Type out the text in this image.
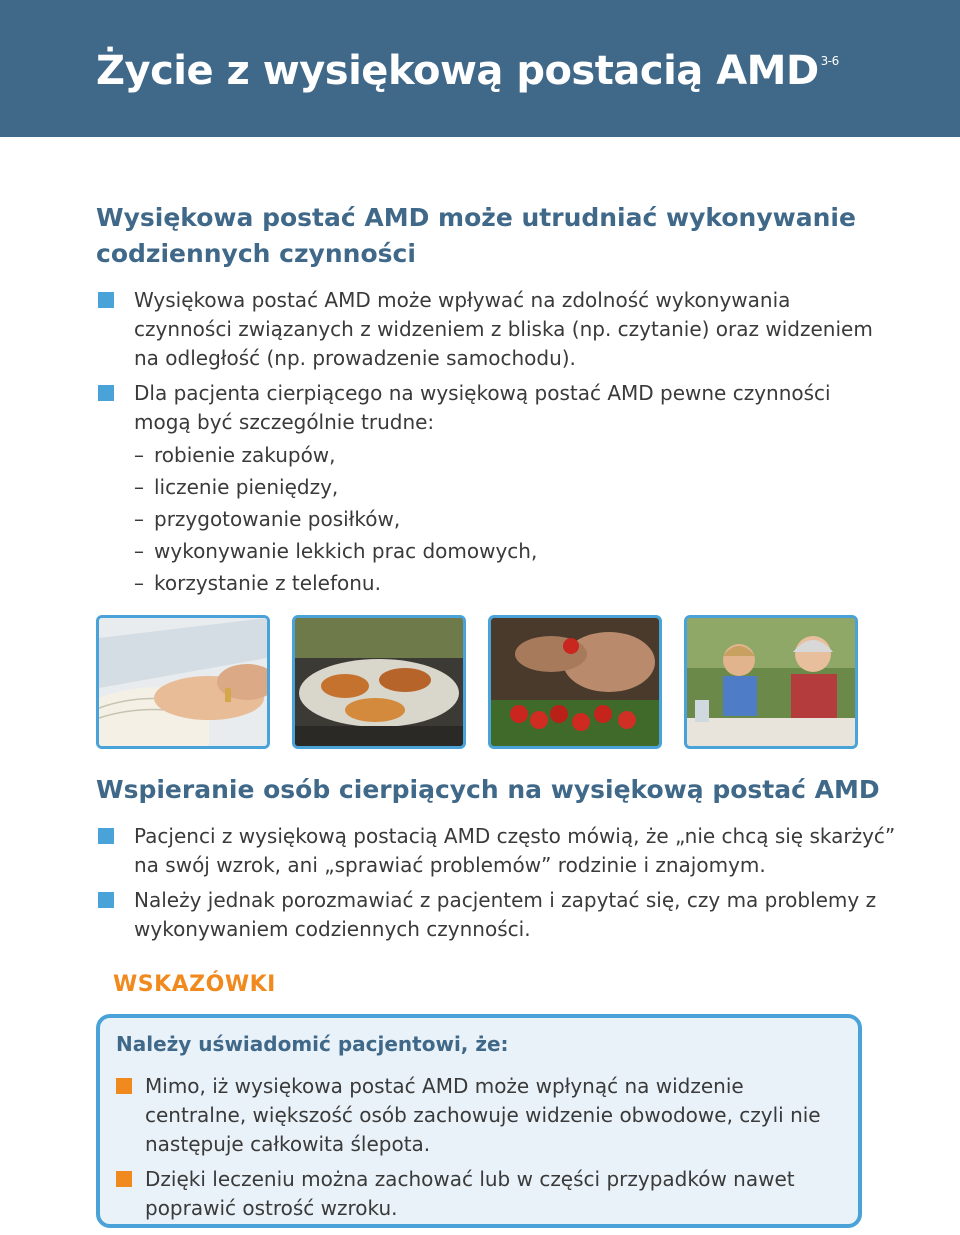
Życie z wysiękową postacią AMD $^{3-6}$
Wysiękowa postać AMD może utrudniać wykonywanie codziennych czynności
Wysiękowa postać AMD może wpływać na zdolność wykonywania czynności związanych z widzeniem z bliska (np. czytanie) oraz widzeniem na odległość (np. prowadzenie samochodu).
Dla pacjenta cierpiącego na wysiękową postać AMD pewne czynności mogą być szczególnie trudne:
– robienie zakupów,
– liczenie pieniędzy,
– przygotowanie posiłków,
– wykonywanie lekkich prac domowych,
– korzystanie z telefonu.
Wspieranie osób cierpiących na wysiękową postać AMD
Pacjenci z wysiękową postacią AMD często mówią, że „nie chcą się skarżyć” na swój wzrok, ani „sprawiać problemów” rodzinie i znajomym.
Należy jednak porozmawiać z pacjentem i zapytać się, czy ma problemy z wykonywaniem codziennych czynności.
WSKAZÓWKI
Należy uświadomić pacjentowi, że:
Mimo, iż wysiękowa postać AMD może wpłynąć na widzenie centralne, większość osób zachowuje widzenie obwodowe, czyli nie następuje całkowita ślepota.
Dzięki leczeniu można zachować lub w części przypadków nawet poprawić ostrość wzroku.
